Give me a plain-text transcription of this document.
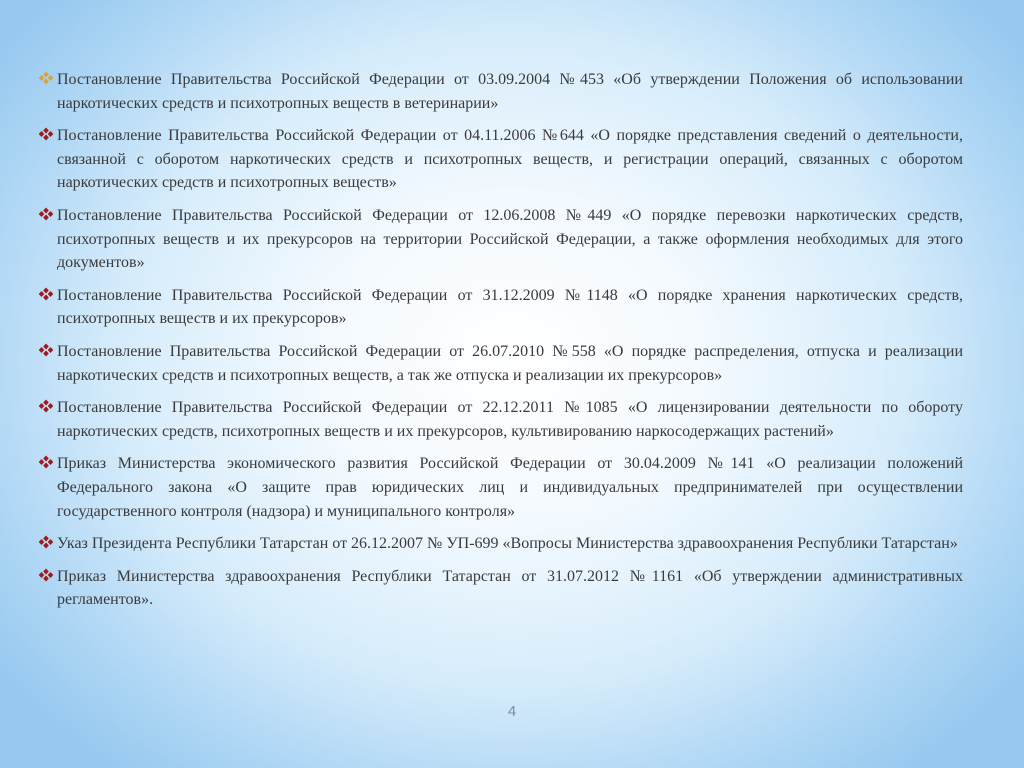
Постановление Правительства Российской Федерации от 03.09.2004 №453 «Об утверждении Положения об использовании наркотических средств и психотропных веществ в ветеринарии»
Постановление Правительства Российской Федерации от 04.11.2006 №644 «О порядке представления сведений о деятельности, связанной с оборотом наркотических средств и психотропных веществ, и регистрации операций, связанных с оборотом наркотических средств и психотропных веществ»
Постановление Правительства Российской Федерации от 12.06.2008 №449 «О порядке перевозки наркотических средств, психотропных веществ и их прекурсоров на территории Российской Федерации, а также оформления необходимых для этого документов»
Постановление Правительства Российской Федерации от 31.12.2009 №1148 «О порядке хранения наркотических средств, психотропных веществ и их прекурсоров»
Постановление Правительства Российской Федерации от 26.07.2010 №558 «О порядке распределения, отпуска и реализации наркотических средств и психотропных веществ, а так же отпуска и реализации их прекурсоров»
Постановление Правительства Российской Федерации от 22.12.2011 №1085 «О лицензировании деятельности по обороту наркотических средств, психотропных веществ и их прекурсоров, культивированию наркосодержащих растений»
Приказ Министерства экономического развития Российской Федерации от 30.04.2009 №141 «О реализации положений Федерального закона «О защите прав юридических лиц и индивидуальных предпринимателей при осуществлении государственного контроля (надзора) и муниципального контроля»
Указ Президента Республики Татарстан от 26.12.2007 № УП-699 «Вопросы Министерства здравоохранения Республики Татарстан»
Приказ Министерства здравоохранения Республики Татарстан от 31.07.2012 №1161 «Об утверждении административных регламентов».
4
